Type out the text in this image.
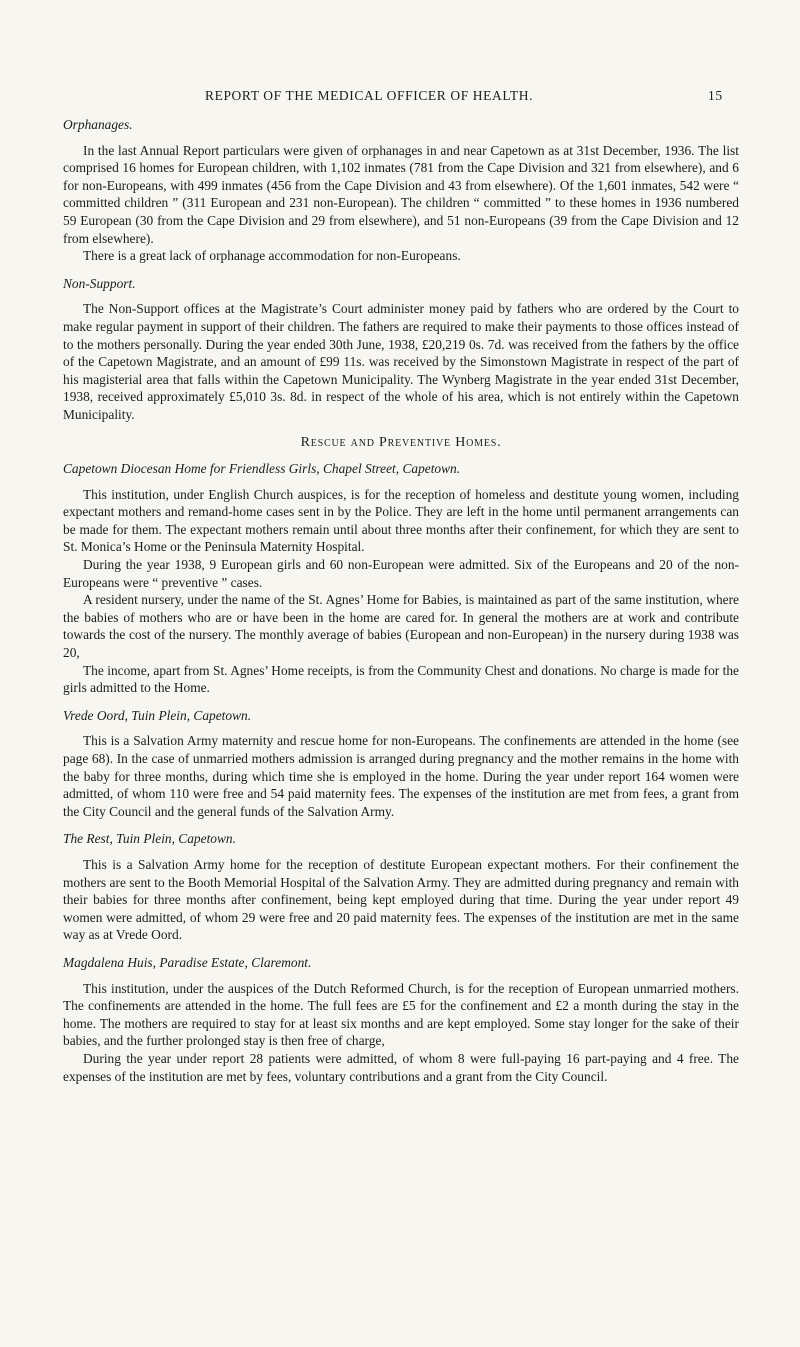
REPORT OF THE MEDICAL OFFICER OF HEALTH.	15

Orphanages.

In the last Annual Report particulars were given of orphanages in and near Capetown as at 31st December, 1936. The list comprised 16 homes for European children, with 1,102 inmates (781 from the Cape Division and 321 from elsewhere), and 6 for non-Europeans, with 499 inmates (456 from the Cape Division and 43 from elsewhere). Of the 1,601 inmates, 542 were “ committed children ” (311 European and 231 non-European). The children “ committed ” to these homes in 1936 numbered 59 European (30 from the Cape Division and 29 from elsewhere), and 51 non-Europeans (39 from the Cape Division and 12 from elsewhere).

There is a great lack of orphanage accommodation for non-Europeans.

Non-Support.

The Non-Support offices at the Magistrate’s Court administer money paid by fathers who are ordered by the Court to make regular payment in support of their children. The fathers are required to make their payments to those offices instead of to the mothers personally. During the year ended 30th June, 1938, £20,219 0s. 7d. was received from the fathers by the office of the Capetown Magistrate, and an amount of £99 11s. was received by the Simonstown Magistrate in respect of the part of his magisterial area that falls within the Capetown Municipality. The Wynberg Magistrate in the year ended 31st December, 1938, received approximately £5,010 3s. 8d. in respect of the whole of his area, which is not entirely within the Capetown Municipality.

Rescue and Preventive Homes.

Capetown Diocesan Home for Friendless Girls, Chapel Street, Capetown.

This institution, under English Church auspices, is for the reception of homeless and destitute young women, including expectant mothers and remand-home cases sent in by the Police. They are left in the home until permanent arrangements can be made for them. The expectant mothers remain until about three months after their confinement, for which they are sent to St. Monica’s Home or the Peninsula Maternity Hospital.

During the year 1938, 9 European girls and 60 non-European were admitted. Six of the Europeans and 20 of the non-Europeans were “ preventive ” cases.

A resident nursery, under the name of the St. Agnes’ Home for Babies, is maintained as part of the same institution, where the babies of mothers who are or have been in the home are cared for. In general the mothers are at work and contribute towards the cost of the nursery. The monthly average of babies (European and non-European) in the nursery during 1938 was 20,

The income, apart from St. Agnes’ Home receipts, is from the Community Chest and donations. No charge is made for the girls admitted to the Home.

Vrede Oord, Tuin Plein, Capetown.

This is a Salvation Army maternity and rescue home for non-Europeans. The confinements are attended in the home (see page 68). In the case of unmarried mothers admission is arranged during pregnancy and the mother remains in the home with the baby for three months, during which time she is employed in the home. During the year under report 164 women were admitted, of whom 110 were free and 54 paid maternity fees. The expenses of the institution are met from fees, a grant from the City Council and the general funds of the Salvation Army.

The Rest, Tuin Plein, Capetown.

This is a Salvation Army home for the reception of destitute European expectant mothers. For their confinement the mothers are sent to the Booth Memorial Hospital of the Salvation Army. They are admitted during pregnancy and remain with their babies for three months after confinement, being kept employed during that time. During the year under report 49 women were admitted, of whom 29 were free and 20 paid maternity fees. The expenses of the institution are met in the same way as at Vrede Oord.

Magdalena Huis, Paradise Estate, Claremont.

This institution, under the auspices of the Dutch Reformed Church, is for the reception of European unmarried mothers. The confinements are attended in the home. The full fees are £5 for the confinement and £2 a month during the stay in the home. The mothers are required to stay for at least six months and are kept employed. Some stay longer for the sake of their babies, and the further prolonged stay is then free of charge,

During the year under report 28 patients were admitted, of whom 8 were full-paying 16 part-paying and 4 free. The expenses of the institution are met by fees, voluntary contributions and a grant from the City Council.
